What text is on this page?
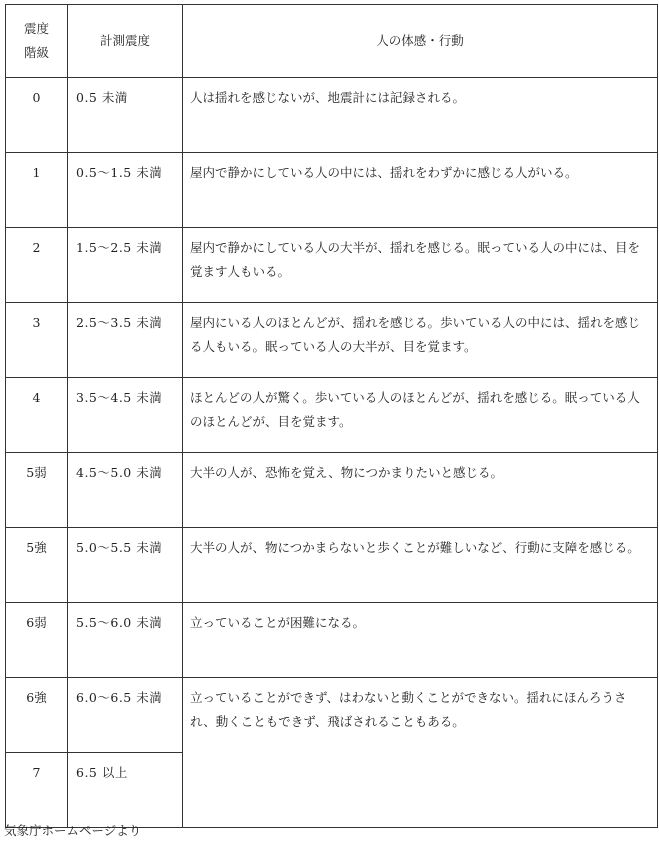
震度
階級	計測震度	人の体感・行動
0	0.5 未満	人は揺れを感じないが、地震計には記録される。
1	0.5〜1.5 未満	屋内で静かにしている人の中には、揺れをわずかに感じる人がいる。
2	1.5〜2.5 未満	屋内で静かにしている人の大半が、揺れを感じる。眠っている人の中には、目を覚ます人もいる。
3	2.5〜3.5 未満	屋内にいる人のほとんどが、揺れを感じる。歩いている人の中には、揺れを感じる人もいる。眠っている人の大半が、目を覚ます。
4	3.5〜4.5 未満	ほとんどの人が驚く。歩いている人のほとんどが、揺れを感じる。眠っている人のほとんどが、目を覚ます。
5弱	4.5〜5.0 未満	大半の人が、恐怖を覚え、物につかまりたいと感じる。
5強	5.0〜5.5 未満	大半の人が、物につかまらないと歩くことが難しいなど、行動に支障を感じる。
6弱	5.5〜6.0 未満	立っていることが困難になる。
6強	6.0〜6.5 未満	立っていることができず、はわないと動くことができない。揺れにほんろうされ、動くこともできず、飛ばされることもある。
7	6.5 以上	
気象庁ホームページより
